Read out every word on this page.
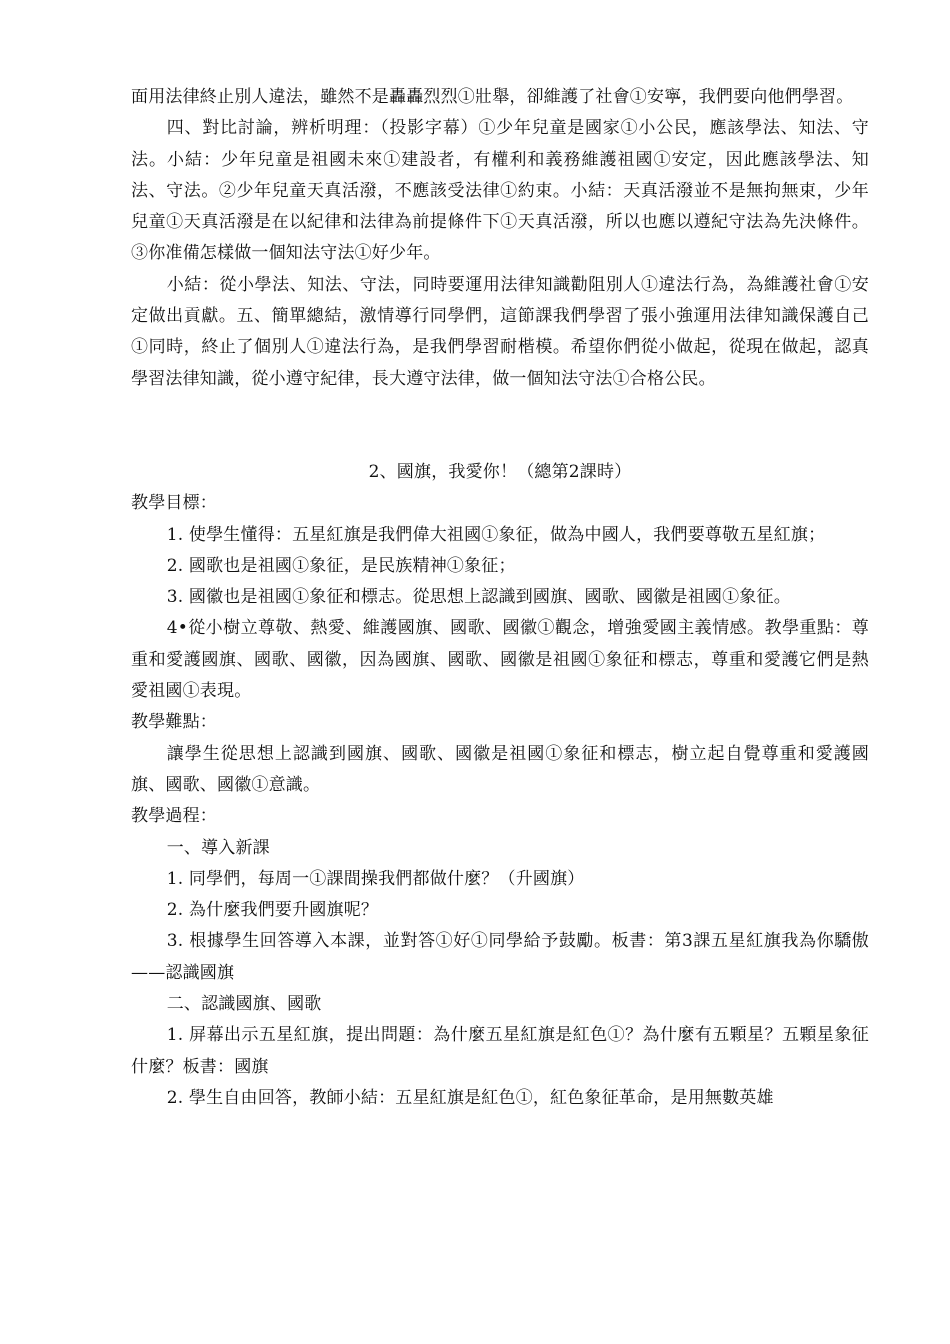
面用法律終止別人違法，雖然不是轟轟烈烈①壯舉，卻維護了社會①安寧，我們要向他們學習。

四、對比討論，辨析明理：（投影字幕）①少年兒童是國家①小公民，應該學法、知法、守法。小結：少年兒童是祖國未來①建設者，有權利和義務維護祖國①安定，因此應該學法、知法、守法。②少年兒童天真活潑，不應該受法律①約束。小結：天真活潑並不是無拘無束，少年兒童①天真活潑是在以紀律和法律為前提條件下①天真活潑，所以也應以遵紀守法為先決條件。③你准備怎樣做一個知法守法①好少年。

小結：從小學法、知法、守法，同時要運用法律知識勸阻別人①違法行為，為維護社會①安定做出貢獻。五、簡單總結，激情導行同學們，這節課我們學習了張小強運用法律知識保護自己①同時，終止了個別人①違法行為，是我們學習耐楷模。希望你們從小做起，從現在做起，認真學習法律知識，從小遵守紀律，長大遵守法律，做一個知法守法①合格公民。

2、國旗，我愛你！（總第2課時）

教學目標：

1. 使學生懂得：五星紅旗是我們偉大祖國①象征，做為中國人，我們要尊敬五星紅旗；

2. 國歌也是祖國①象征，是民族精神①象征；

3. 國徽也是祖國①象征和標志。從思想上認識到國旗、國歌、國徽是祖國①象征。

4•從小樹立尊敬、熱愛、維護國旗、國歌、國徽①觀念，增強愛國主義情感。教學重點：尊重和愛護國旗、國歌、國徽，因為國旗、國歌、國徽是祖國①象征和標志，尊重和愛護它們是熱愛祖國①表現。

教學難點：

讓學生從思想上認識到國旗、國歌、國徽是祖國①象征和標志，樹立起自覺尊重和愛護國旗、國歌、國徽①意識。

教學過程：

一、導入新課

1. 同學們，每周一①課間操我們都做什麼？（升國旗）

2. 為什麼我們要升國旗呢？

3. 根據學生回答導入本課，並對答①好①同學給予鼓勵。板書：第3課五星紅旗我為你驕傲——認識國旗

二、認識國旗、國歌

1. 屏幕出示五星紅旗，提出問題：為什麼五星紅旗是紅色①？為什麼有五顆星？五顆星象征什麼？板書：國旗

2. 學生自由回答，教師小結：五星紅旗是紅色①，紅色象征革命，是用無數英雄
